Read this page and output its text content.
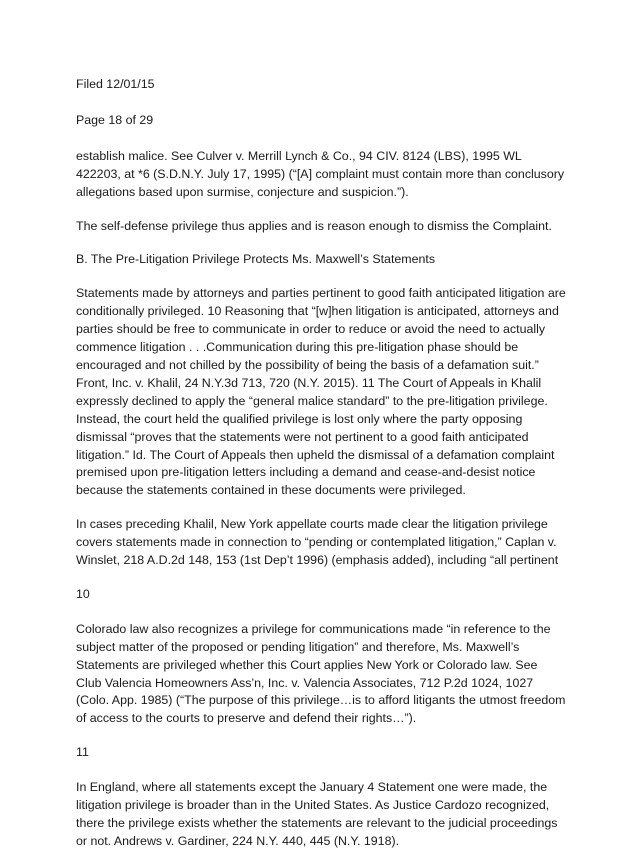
Filed 12/01/15

Page 18 of 29

establish malice. See Culver v. Merrill Lynch & Co., 94 CIV. 8124 (LBS), 1995 WL 422203, at *6 (S.D.N.Y. July 17, 1995) (“[A] complaint must contain more than conclusory allegations based upon surmise, conjecture and suspicion.”).

The self-defense privilege thus applies and is reason enough to dismiss the Complaint.

B. The Pre-Litigation Privilege Protects Ms. Maxwell’s Statements

Statements made by attorneys and parties pertinent to good faith anticipated litigation are conditionally privileged. 10 Reasoning that “[w]hen litigation is anticipated, attorneys and parties should be free to communicate in order to reduce or avoid the need to actually commence litigation . . .Communication during this pre-litigation phase should be encouraged and not chilled by the possibility of being the basis of a defamation suit.” Front, Inc. v. Khalil, 24 N.Y.3d 713, 720 (N.Y. 2015). 11 The Court of Appeals in Khalil expressly declined to apply the “general malice standard” to the pre-litigation privilege. Instead, the court held the qualified privilege is lost only where the party opposing dismissal “proves that the statements were not pertinent to a good faith anticipated litigation.” Id. The Court of Appeals then upheld the dismissal of a defamation complaint premised upon pre-litigation letters including a demand and cease-and-desist notice because the statements contained in these documents were privileged.

In cases preceding Khalil, New York appellate courts made clear the litigation privilege covers statements made in connection to “pending or contemplated litigation,” Caplan v. Winslet, 218 A.D.2d 148, 153 (1st Dep’t 1996) (emphasis added), including “all pertinent

10

Colorado law also recognizes a privilege for communications made “in reference to the subject matter of the proposed or pending litigation” and therefore, Ms. Maxwell’s Statements are privileged whether this Court applies New York or Colorado law. See Club Valencia Homeowners Ass’n, Inc. v. Valencia Associates, 712 P.2d 1024, 1027 (Colo. App. 1985) (“The purpose of this privilege…is to afford litigants the utmost freedom of access to the courts to preserve and defend their rights…”).

11

In England, where all statements except the January 4 Statement one were made, the litigation privilege is broader than in the United States. As Justice Cardozo recognized, there the privilege exists whether the statements are relevant to the judicial proceedings or not. Andrews v. Gardiner, 224 N.Y. 440, 445 (N.Y. 1918).
